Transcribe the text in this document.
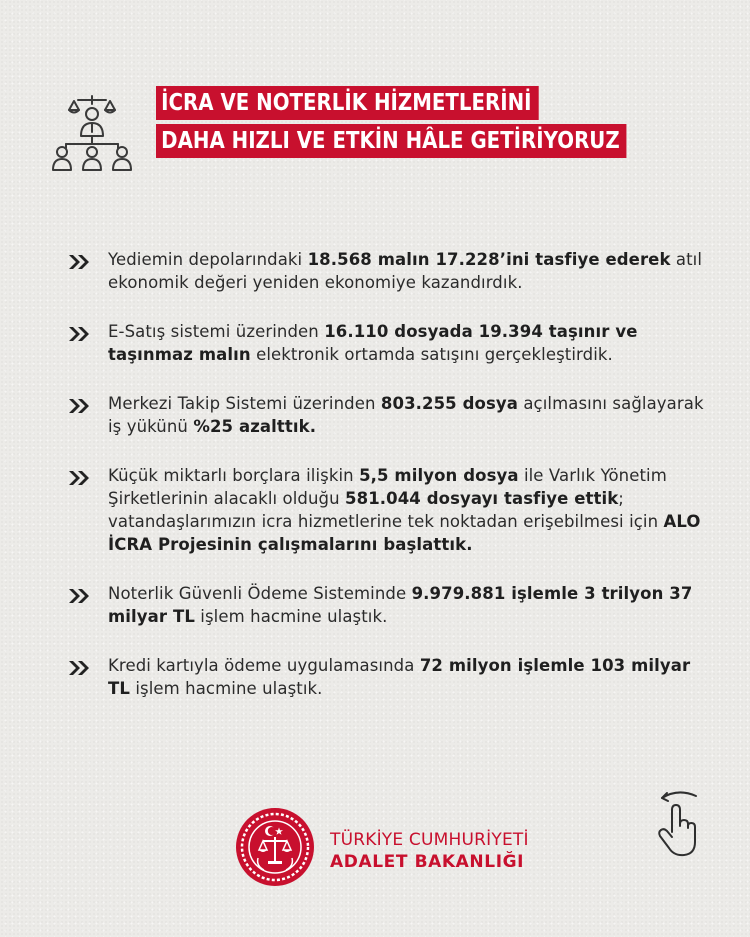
İCRA VE NOTERLİK HİZMETLERİNİ
DAHA HIZLI VE ETKİN HÂLE GETİRİYORUZ
Yediemin depolarındaki 18.568 malın 17.228’ini tasfiye ederek atıl ekonomik değeri yeniden ekonomiye kazandırdık.
E-Satış sistemi üzerinden 16.110 dosyada 19.394 taşınır ve taşınmaz malın elektronik ortamda satışını gerçekleştirdik.
Merkezi Takip Sistemi üzerinden 803.255 dosya açılmasını sağlayarak iş yükünü %25 azalttık.
Küçük miktarlı borçlara ilişkin 5,5 milyon dosya ile Varlık Yönetim Şirketlerinin alacaklı olduğu 581.044 dosyayı tasfiye ettik; vatandaşlarımızın icra hizmetlerine tek noktadan erişebilmesi için ALO İCRA Projesinin çalışmalarını başlattık.
Noterlik Güvenli Ödeme Sisteminde 9.979.881 işlemle 3 trilyon 37 milyar TL işlem hacmine ulaştık.
Kredi kartıyla ödeme uygulamasında 72 milyon işlemle 103 milyar TL işlem hacmine ulaştık.
TÜRKİYE CUMHURİYETİ
ADALET BAKANLIĞI
